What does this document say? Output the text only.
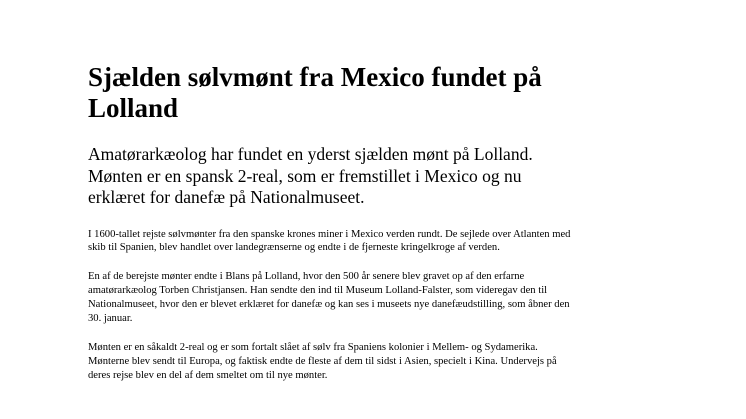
Sjælden sølvmønt fra Mexico fundet på Lolland

Amatørarkæolog har fundet en yderst sjælden mønt på Lolland. Mønten er en spansk 2-real, som er fremstillet i Mexico og nu erklæret for danefæ på Nationalmuseet.

I 1600-tallet rejste sølvmønter fra den spanske krones miner i Mexico verden rundt. De sejlede over Atlanten med skib til Spanien, blev handlet over landegrænserne og endte i de fjerneste kringelkroge af verden.

En af de berejste mønter endte i Blans på Lolland, hvor den 500 år senere blev gravet op af den erfarne amatørarkæolog Torben Christjansen. Han sendte den ind til Museum Lolland-Falster, som videregav den til Nationalmuseet, hvor den er blevet erklæret for danefæ og kan ses i museets nye danefæudstilling, som åbner den 30. januar.

Mønten er en såkaldt 2-real og er som fortalt slået af sølv fra Spaniens kolonier i Mellem- og Sydamerika. Mønterne blev sendt til Europa, og faktisk endte de fleste af dem til sidst i Asien, specielt i Kina. Undervejs på deres rejse blev en del af dem smeltet om til nye mønter.
